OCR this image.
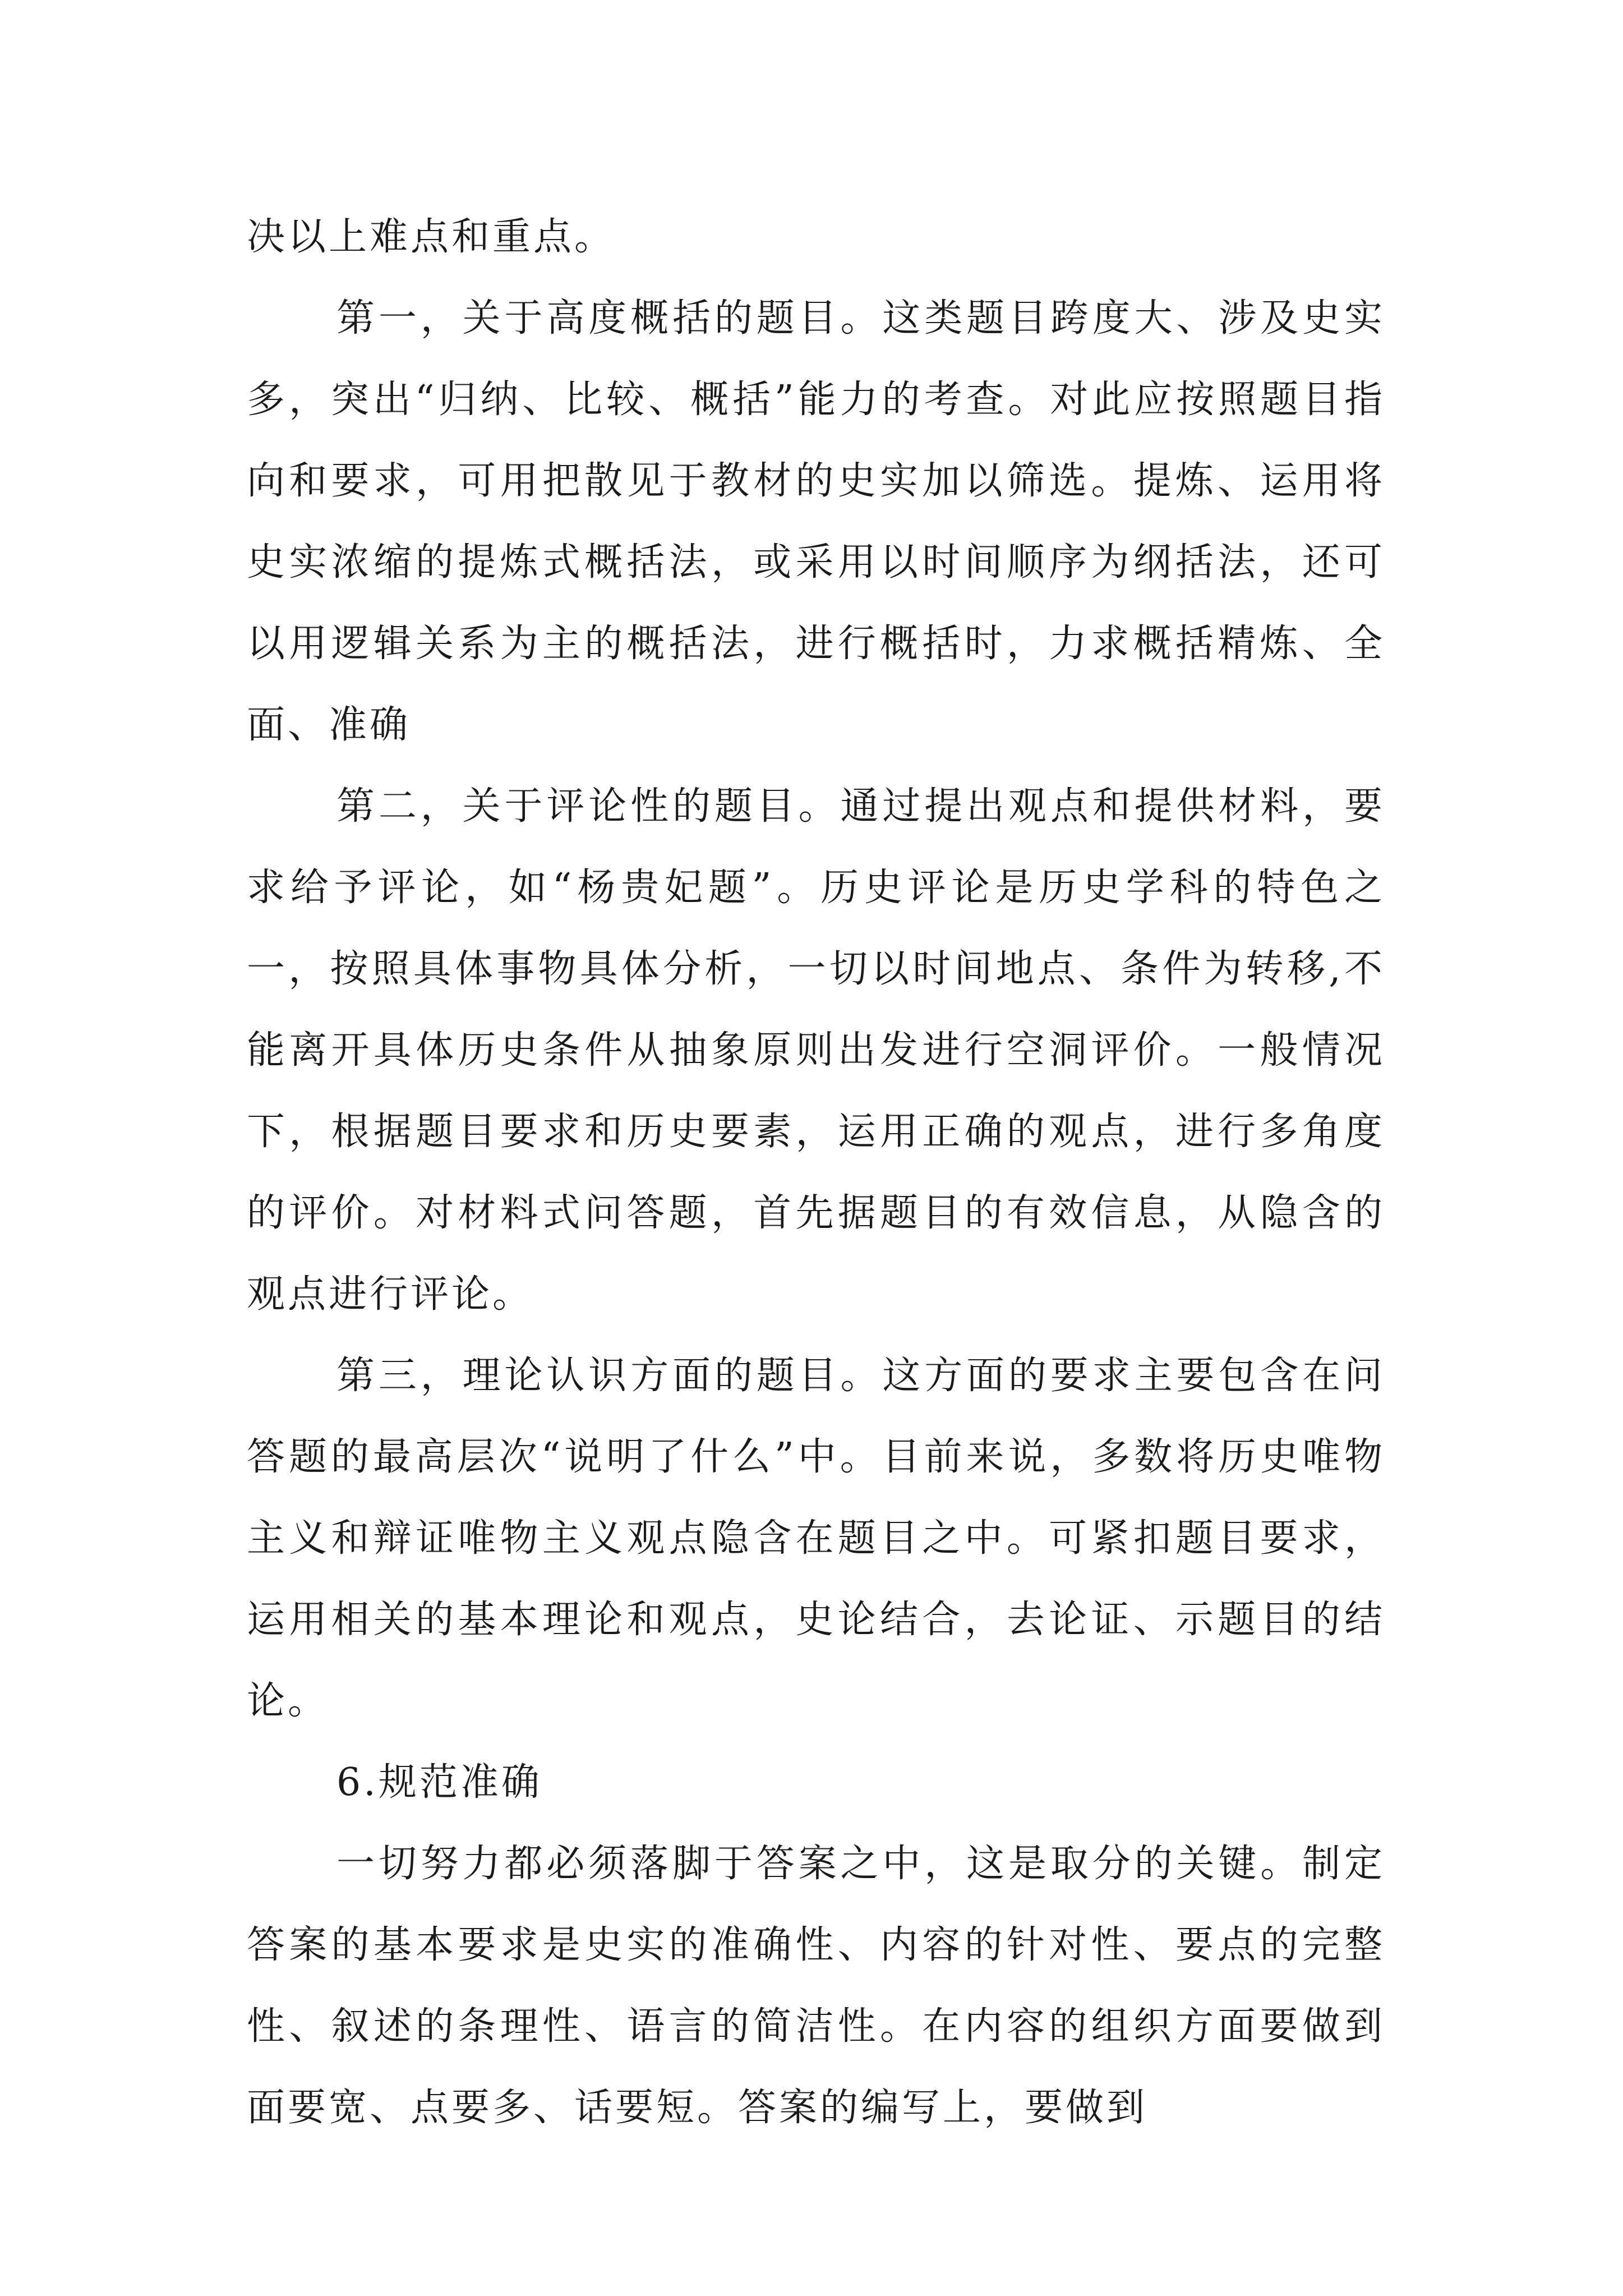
决以上难点和重点。

第一，关于高度概括的题目。这类题目跨度大、涉及史实多，突出“归纳、比较、概括”能力的考查。对此应按照题目指向和要求，可用把散见于教材的史实加以筛选。提炼、运用将史实浓缩的提炼式概括法，或采用以时间顺序为纲括法，还可以用逻辑关系为主的概括法，进行概括时，力求概括精炼、全面、准确

第二，关于评论性的题目。通过提出观点和提供材料，要求给予评论，如“杨贵妃题”。历史评论是历史学科的特色之一，按照具体事物具体分析，一切以时间地点、条件为转移,不能离开具体历史条件从抽象原则出发进行空洞评价。一般情况下，根据题目要求和历史要素，运用正确的观点，进行多角度的评价。对材料式问答题，首先据题目的有效信息，从隐含的观点进行评论。

第三，理论认识方面的题目。这方面的要求主要包含在问答题的最高层次“说明了什么”中。目前来说，多数将历史唯物主义和辩证唯物主义观点隐含在题目之中。可紧扣题目要求，运用相关的基本理论和观点，史论结合，去论证、示题目的结论。

6.规范准确

一切努力都必须落脚于答案之中，这是取分的关键。制定答案的基本要求是史实的准确性、内容的针对性、要点的完整性、叙述的条理性、语言的简洁性。在内容的组织方面要做到面要宽、点要多、话要短。答案的编写上，要做到
